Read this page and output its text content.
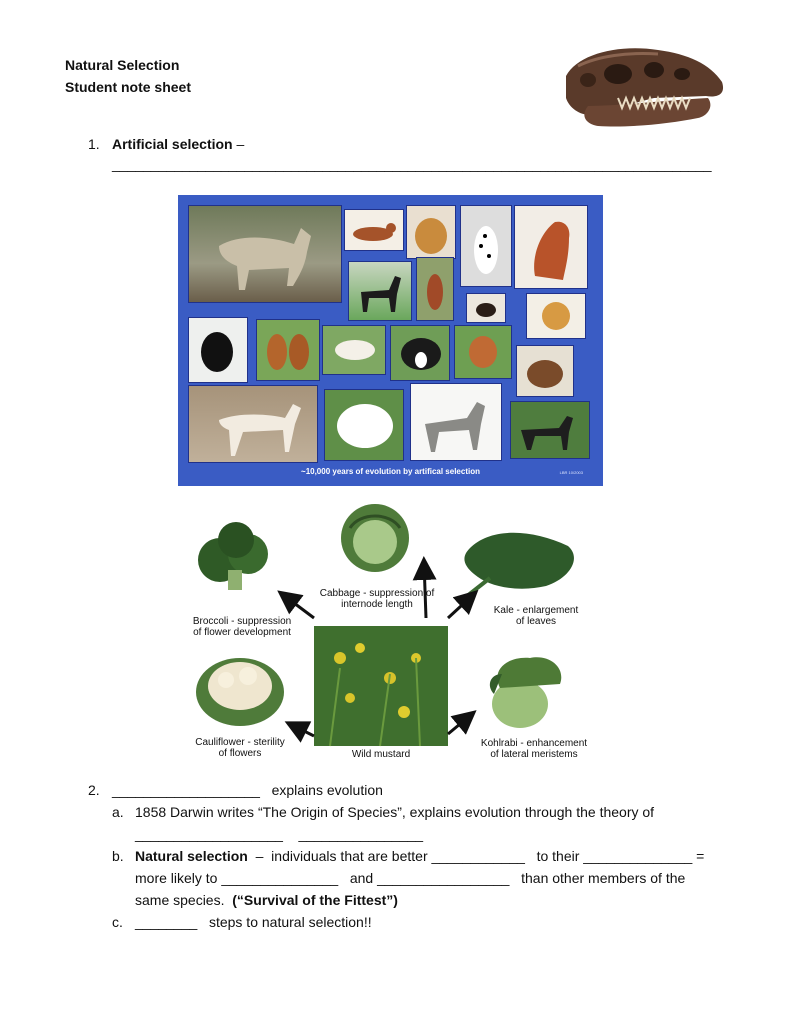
Natural Selection
Student note sheet
1. Artificial selection –
_____________________________________________________________________________
~10,000 years of evolution by artifical selection	LBR 10/2003
Cabbage - suppression of
internode length
Broccoli - suppression
of flower development
Kale - enlargement
of leaves
Cauliflower - sterility
of flowers	Wild mustard
Kohlrabi - enhancement
of lateral meristems
2. ___________________   explains evolution
a. 1858 Darwin writes “The Origin of Species”, explains evolution through the theory of
___________________    ________________
b. Natural selection  –  individuals that are better ____________   to their ______________ =
more likely to _______________   and _________________   than other members of the
same species.  (“Survival of the Fittest”)
c. ________   steps to natural selection!!
